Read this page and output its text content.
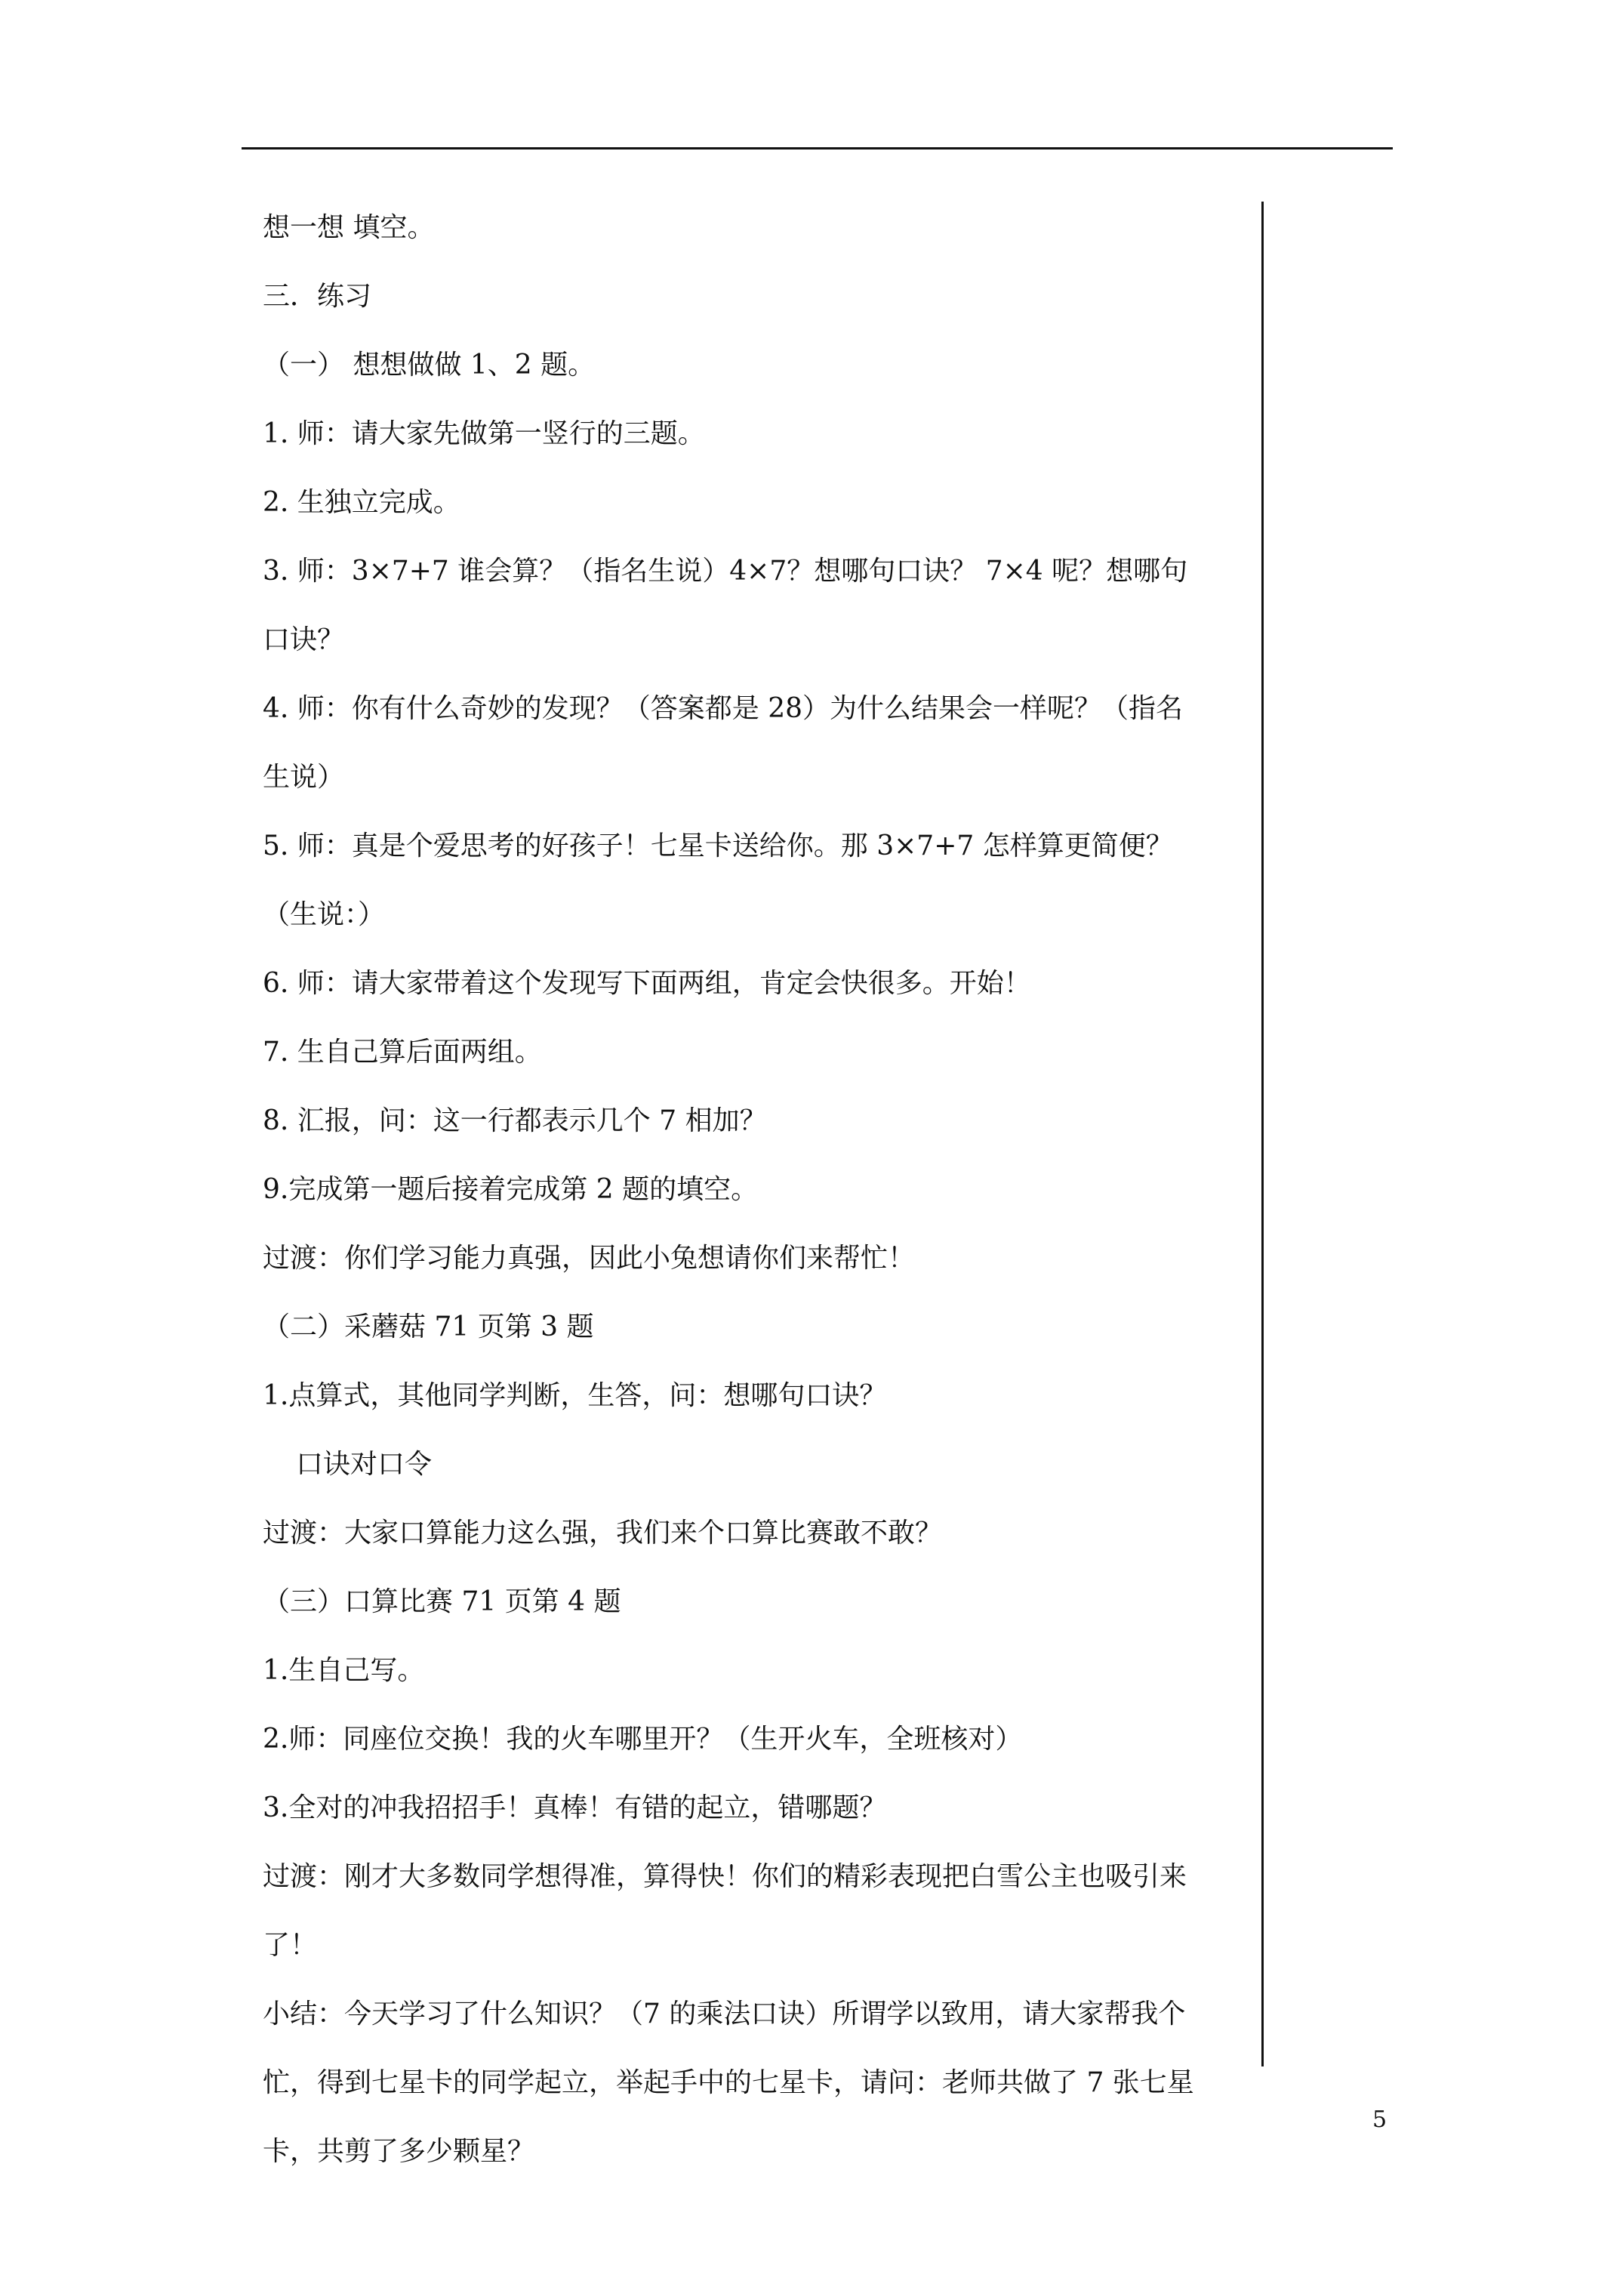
想一想 填空。
三．练习
（一） 想想做做 1、2 题。
1. 师：请大家先做第一竖行的三题。
2. 生独立完成。
3. 师：3×7+7 谁会算？（指名生说）4×7？想哪句口诀？ 7×4 呢？想哪句
口诀？
4. 师：你有什么奇妙的发现？（答案都是 28）为什么结果会一样呢？（指名
生说）
5. 师：真是个爱思考的好孩子！七星卡送给你。那 3×7+7 怎样算更简便？
（生说：）
6. 师：请大家带着这个发现写下面两组，肯定会快很多。开始！
7. 生自己算后面两组。
8. 汇报，问：这一行都表示几个 7 相加？
9.完成第一题后接着完成第 2 题的填空。
过渡：你们学习能力真强，因此小兔想请你们来帮忙！
（二）采蘑菇 71 页第 3 题
1.点算式，其他同学判断，生答，问：想哪句口诀？
口诀对口令
过渡：大家口算能力这么强，我们来个口算比赛敢不敢？
（三）口算比赛 71 页第 4 题
1.生自己写。
2.师：同座位交换！我的火车哪里开？（生开火车，全班核对）
3.全对的冲我招招手！真棒！有错的起立，错哪题？
过渡：刚才大多数同学想得准，算得快！你们的精彩表现把白雪公主也吸引来
了！
小结：今天学习了什么知识？（7 的乘法口诀）所谓学以致用，请大家帮我个
忙，得到七星卡的同学起立，举起手中的七星卡，请问：老师共做了 7 张七星
卡，共剪了多少颗星？
5
